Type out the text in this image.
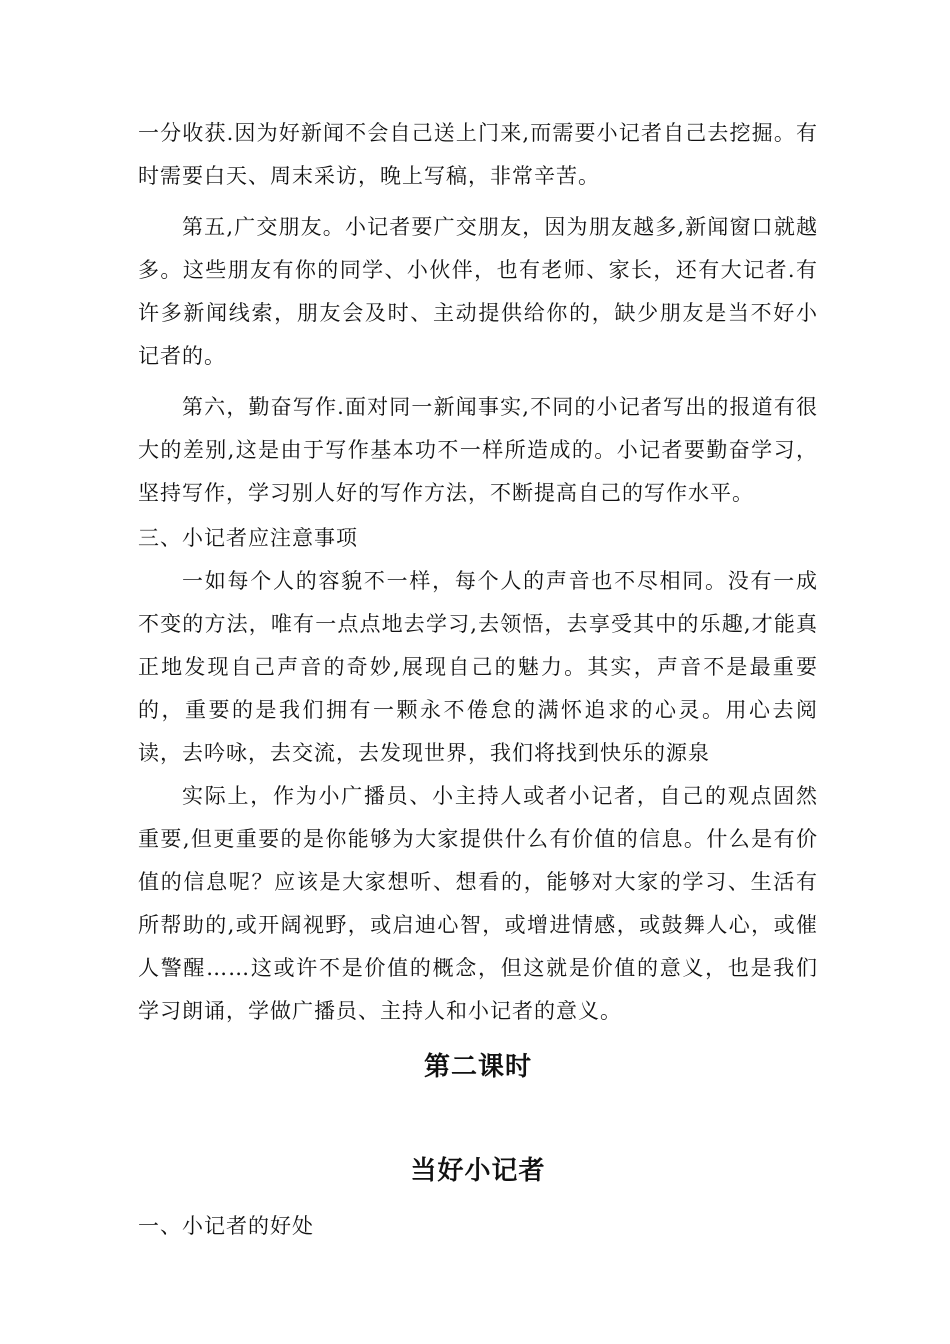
一分收获.因为好新闻不会自己送上门来,而需要小记者自己去挖掘。有时需要白天、周末采访，晚上写稿，非常辛苦。

第五,广交朋友。小记者要广交朋友，因为朋友越多,新闻窗口就越多。这些朋友有你的同学、小伙伴，也有老师、家长，还有大记者.有许多新闻线索，朋友会及时、主动提供给你的，缺少朋友是当不好小记者的。

第六，勤奋写作.面对同一新闻事实,不同的小记者写出的报道有很大的差别,这是由于写作基本功不一样所造成的。小记者要勤奋学习，坚持写作，学习别人好的写作方法，不断提高自己的写作水平。

三、小记者应注意事项

一如每个人的容貌不一样，每个人的声音也不尽相同。没有一成不变的方法，唯有一点点地去学习,去领悟，去享受其中的乐趣,才能真正地发现自己声音的奇妙,展现自己的魅力。其实，声音不是最重要的，重要的是我们拥有一颗永不倦怠的满怀追求的心灵。用心去阅读，去吟咏，去交流，去发现世界，我们将找到快乐的源泉

实际上，作为小广播员、小主持人或者小记者，自己的观点固然重要,但更重要的是你能够为大家提供什么有价值的信息。什么是有价值的信息呢？应该是大家想听、想看的，能够对大家的学习、生活有所帮助的,或开阔视野，或启迪心智，或增进情感，或鼓舞人心，或催人警醒……这或许不是价值的概念，但这就是价值的意义，也是我们学习朗诵，学做广播员、主持人和小记者的意义。

第二课时
当好小记者

一、小记者的好处
